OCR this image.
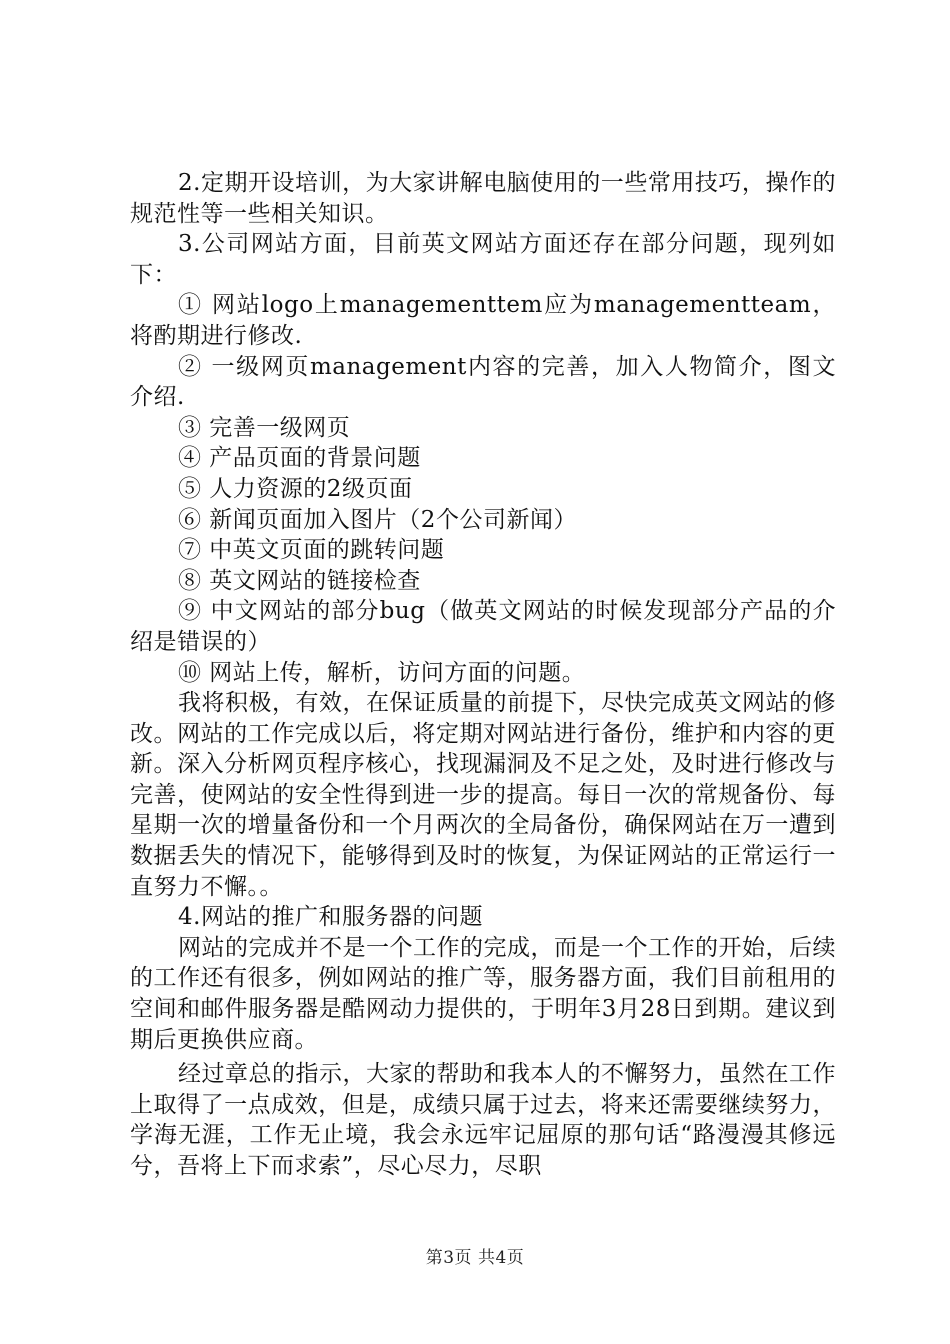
2.定期开设培训，为大家讲解电脑使用的一些常用技巧，操作的规范性等一些相关知识。

3.公司网站方面，目前英文网站方面还存在部分问题，现列如下：

① 网站logo上managementtem应为managementteam，将酌期进行修改.

② 一级网页management内容的完善，加入人物简介，图文介绍.

③ 完善一级网页

④ 产品页面的背景问题

⑤ 人力资源的2级页面

⑥ 新闻页面加入图片（2个公司新闻）

⑦ 中英文页面的跳转问题

⑧ 英文网站的链接检查

⑨ 中文网站的部分bug（做英文网站的时候发现部分产品的介绍是错误的）

⑩ 网站上传，解析，访问方面的问题。

我将积极，有效，在保证质量的前提下，尽快完成英文网站的修改。网站的工作完成以后，将定期对网站进行备份，维护和内容的更新。深入分析网页程序核心，找现漏洞及不足之处，及时进行修改与完善，使网站的安全性得到进一步的提高。每日一次的常规备份、每星期一次的增量备份和一个月两次的全局备份，确保网站在万一遭到数据丢失的情况下，能够得到及时的恢复，为保证网站的正常运行一直努力不懈。。

4.网站的推广和服务器的问题

网站的完成并不是一个工作的完成，而是一个工作的开始，后续的工作还有很多，例如网站的推广等，服务器方面，我们目前租用的空间和邮件服务器是酷网动力提供的，于明年3月28日到期。建议到期后更换供应商。

经过章总的指示，大家的帮助和我本人的不懈努力，虽然在工作上取得了一点成效，但是，成绩只属于过去，将来还需要继续努力，学海无涯，工作无止境，我会永远牢记屈原的那句话“路漫漫其修远兮，吾将上下而求索”，尽心尽力，尽职

第3页 共4页
